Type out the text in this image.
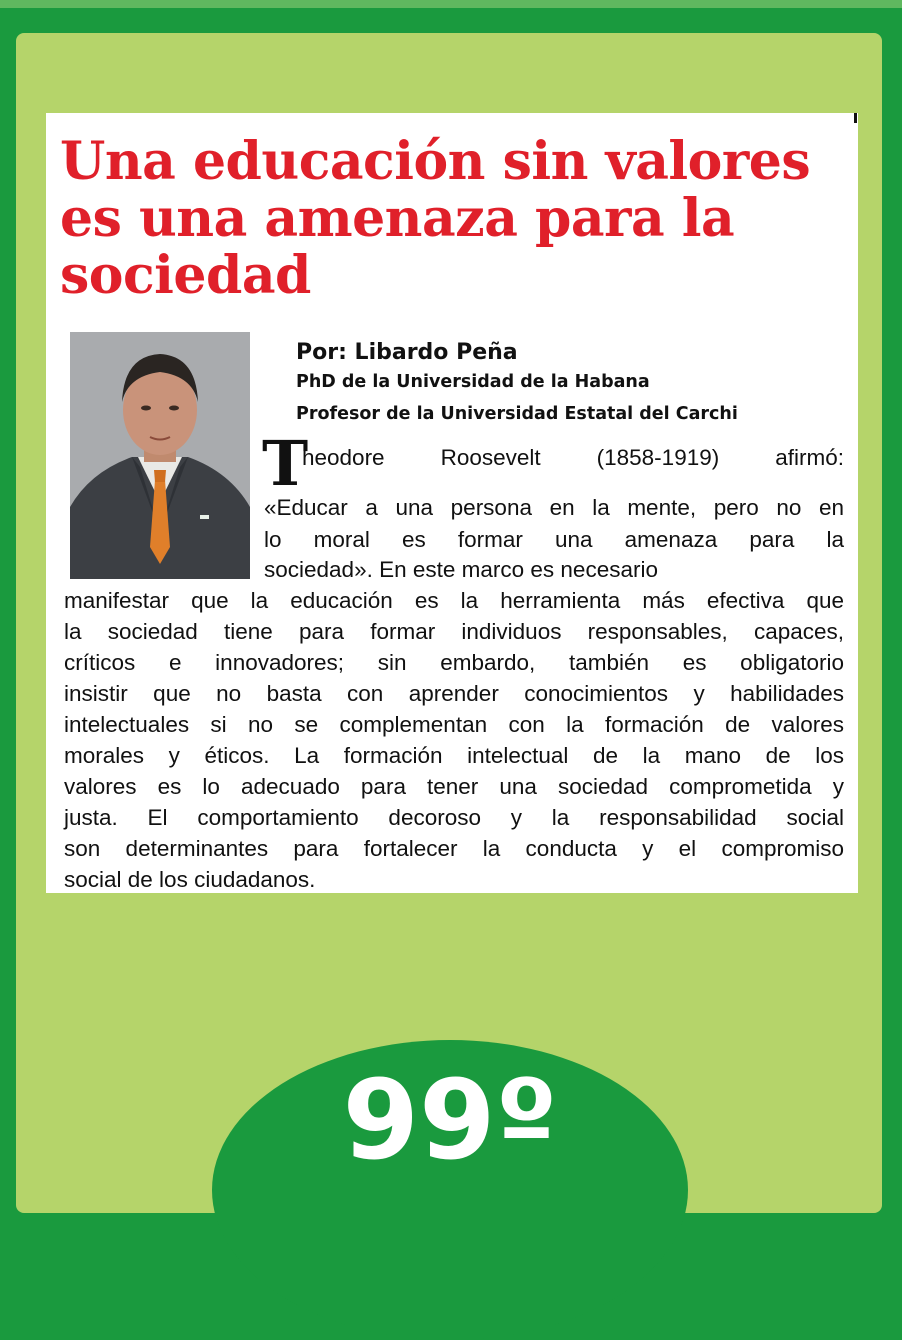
Una educación sin valores
es una amenaza para la
sociedad

Por: Libardo Peña

PhD de la Universidad de la Habana

Profesor de la Universidad Estatal del Carchi

T

heodore Roosevelt (1858-1919) afirmó:

«Educar a una persona en la mente, pero no en

lo moral es formar una amenaza para la

sociedad». En este marco es necesario

manifestar que la educación es la herramienta más efectiva que

la sociedad tiene para formar individuos responsables, capaces,

críticos e innovadores; sin embardo, también es obligatorio

insistir que no basta con aprender conocimientos y habilidades

intelectuales si no se complementan con la formación de valores

morales y éticos. La formación intelectual de la mano de los

valores es lo adecuado para tener una sociedad comprometida y

justa. El comportamiento decoroso y la responsabilidad social

son determinantes para fortalecer la conducta y el compromiso

social de los ciudadanos.

99º
